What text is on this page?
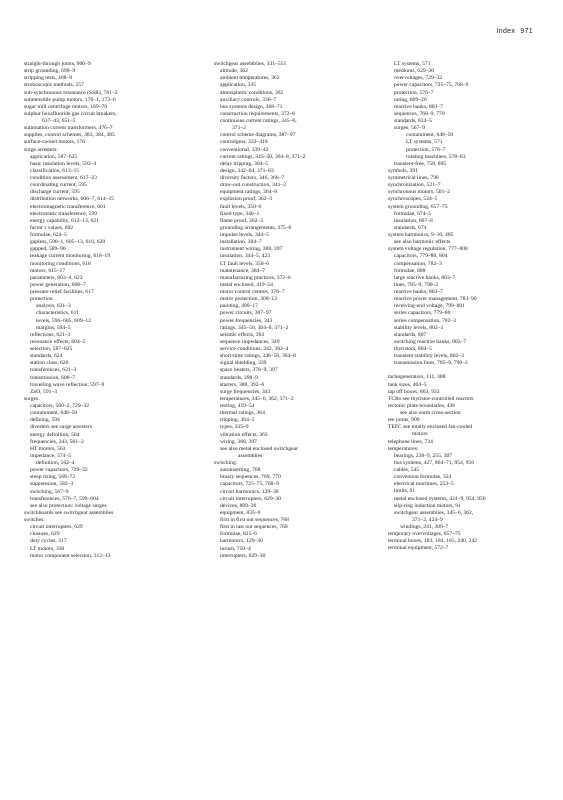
Index 971
straight-through joints, 906–9
strip grounding, 698–9
stripping tests, 408–9
stroboscopic methods, 257
sub-synchronous resonance (SSR), 781–2
submersible pump motors, 170–1, 173–6
sugar mill centrifuge motors, 169–70
sulphur hexafluoride gas circuit breakers,
637–43, 651–5
summation current transformers, 476–7
supplies, control schemes, 383, 384, 385
surface-cooled motors, 176
surge arresters:
application, 587–625
basic insulation levels, 593–4
classification, 613–15
condition assessment, 617–23
coordinating current, 595
discharge current, 595
distribution networks, 606–7, 614–15
electromagnetic transference, 601
electrostatic transference, 599
energy capability, 612–13, 621
factor r values, 602
formulae, 624–5
gapless, 590–1, 605–13, 616, 620
gapped, 589–90
leakage current monitoring, 618–19
monitoring conditions, 618
motors, 615–17
parameters, 603–4, 623
power generation, 606–7
pressure relief facilities, 617
protection
analysis, 621–3
characteristics, 611
levels, 596–605, 609–12
margins, 594–5
reflections, 621–3
resonance effects, 604–5
selection, 587–625
standards, 624
station class, 620
transferences, 621–3
transmission, 606–7
travelling wave reflection, 597–9
ZnO, 591–3
surges:
capacitors, 580–2, 729–32
containment, 648–50
defining, 594
diverters see surge arresters
energy definition, 564
frequencies, 343, 561–2
HT motors, 563
impedance, 574–5
definition, 562–4
power capacitors, 729–32
steep rising, 566–72
suppression, 582–3
switching, 567–9
transferences, 576–7, 599–604
see also protection: voltage surges
switchboards see switchgear assemblies
switches:
circuit interrupters, 629
closures, 629
duty cycles, 317
LT motors, 330
motor component selection, 312–13
switchgear assemblies, 331–551
altitude, 362
ambient temperatures, 362
application, 335
atmospheric conditions, 362
auxiliary controls, 336–7
bus systems design, 368–71
construction requirements, 372–6
continuous current ratings, 345–6,
371–2
control scheme diagrams, 387–97
controlgear, 333–418
conventional, 339–42
current ratings, 345–50, 364–8, 371–2
delay tripping, 364–5
design, 342–64, 371–83
diversity factors, 346, 366–7
draw-out construction, 341–2
equipment ratings, 364–8
explosion proof, 362–3
fault levels, 350–6
fixed type, 340–1
flame proof, 362–3
grounding arrangements, 375–6
impulse levels, 344–5
installation, 384–7
instrument wiring, 388, 397
insulation, 344–5, 423
LT fault levels, 350–6
maintenance, 384–7
manufacturing practices, 372–6
metal enclosed, 419–54
motor control centres, 376–7
motor protection, 308–12
painting, 400–17
power circuits, 387–97
power frequencies, 343
ratings, 345–50, 364–8, 371–2
seismic effects, 363
sequence impedances, 349
service conditions, 342, 362–4
short-time ratings, 346–50, 364–8
signal shielding, 339
space heaters, 378–9, 397
standards, 398–9
starters, 388, 392–6
surge frequencies, 343
temperatures, 345–6, 362, 371–2
testing, 419–54
thermal ratings, 364
tripping, 364–5
types, 335–9
vibration effects, 363
wiring, 388, 397
see also metal enclosed switchgear
assemblies
switching:
autoinserting, 768
binary sequences, 769, 770
capacitors, 725–75, 768–9
circuit harmonics, 129–30
circuit interrupters, 629–30
devices, 809–26
equipment, 835–6
first in first out sequences, 768
first in last out sequences, 768
formulae, 825–6
harmonics, 129–30
inrush, 750–4
interrupters, 629–30
LT systems, 571
mediums, 629–30
overvoltages, 729–32
power capacitors, 725–75, 768–9
protection, 576–7
rating, 809–26
reactive banks, 803–7
sequences, 768–9, 770
standards, 824–5
surges, 567–9
containment, 648–50
LT systems, 571
protection, 576–7
rotating machines, 578–83
transient-free, 758, 805
symbols, 391
symmetrical lines, 798
synchronization, 521–7
synchronous motors, 501–2
synchroscopes, 524–5
system grounding, 657–75
formulae, 674–5
insulation, 667–8
standards, 674
system harmonics, 9–10, 485
see also harmonic effects
system voltage regulation, 777–808
capacitors, 779–80, 804
compensation, 782–3
formulae, 808
large reactive banks, 803–7
lines, 785–9, 790–2
reactive banks, 803–7
reactive power management, 783–90
receiving-end voltage, 799–801
series capacitors, 779–80
series compensation, 782–3
stability levels, 802–3
standards, 807
switching reactive banks, 803–7
thyristors, 804–5
transient stability levels, 802–3
transmission lines, 785–9, 790–2
tachogenerators, 111, 308
tank sizes, 404–5
tap off boxes, 863, 933
TCRs see thyristor-controlled reactors
tectonic plate boundaries, 438
see also earth cross-section
tee joints, 909
TEFC see totally enclosed fan-cooled
motors
telephone lines, 734
temperatures:
bearings, 238–9, 255, 307
bus systems, 427, 864–71, 954, 956
cables, 545
conversion formulae, 324
electrical machines, 253–5
limits, 91
metal enclosed systems, 424–9, 954, 956
slip-ring induction motors, 91
switchgear assemblies, 345–6, 362,
371–2, 424–9
windings, 241, 306–7
temporary overvoltages, 657–75
terminal boxes, 183, 184, 185, 240, 242
terminal equipment, 572–7
